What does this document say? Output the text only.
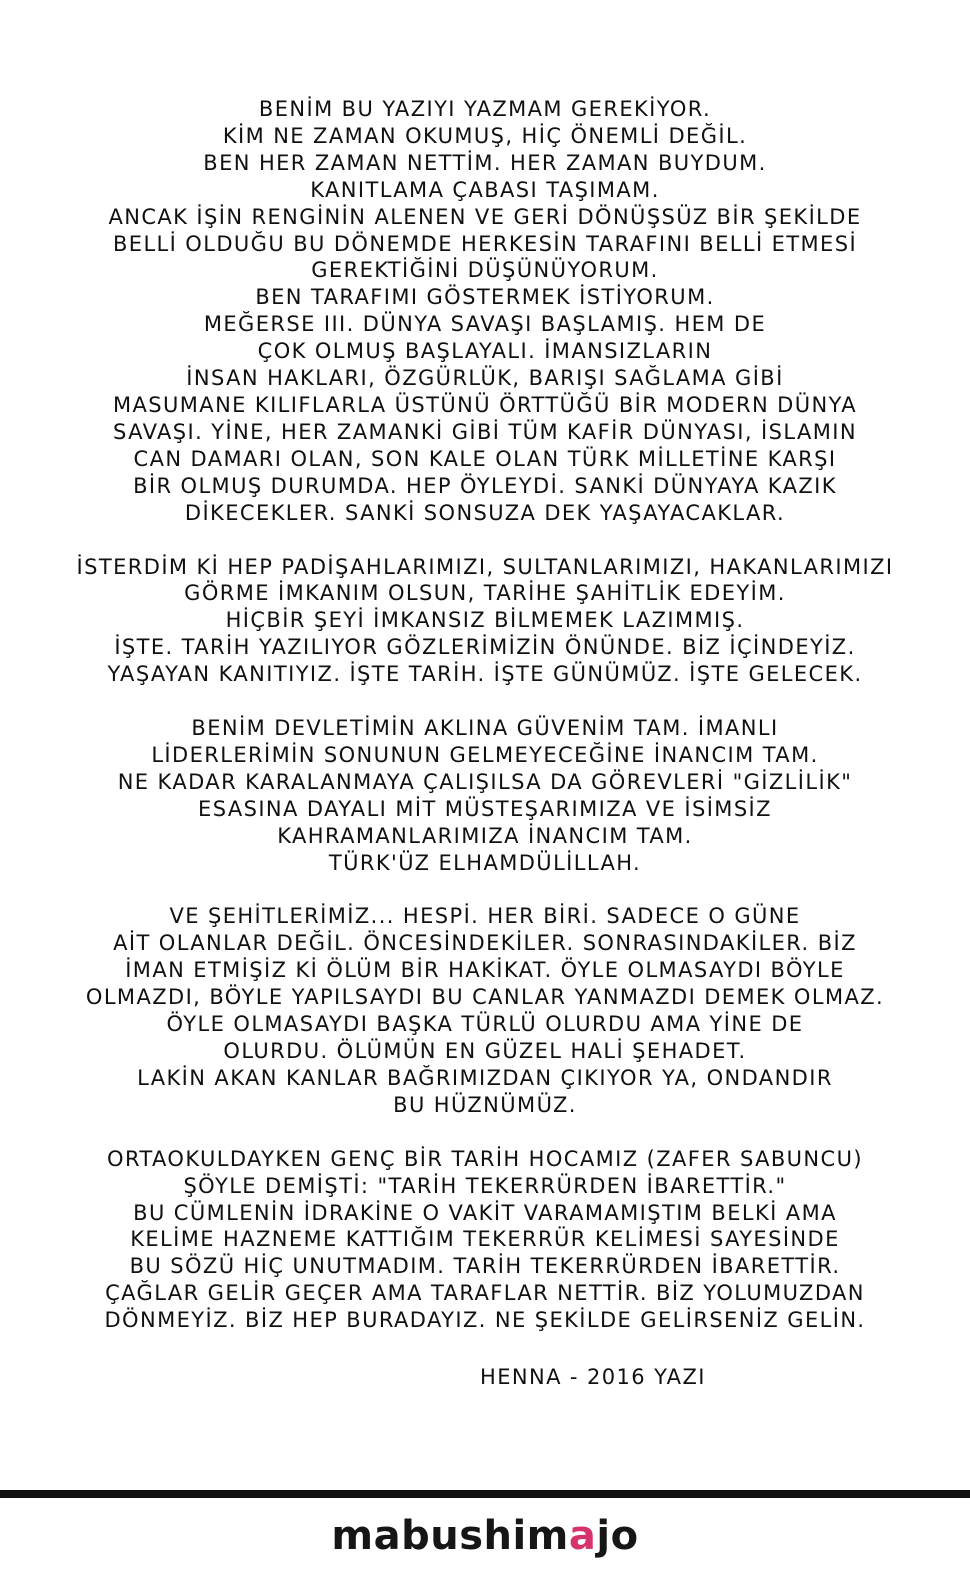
BENİM BU YAZIYI YAZMAM GEREKİYOR.
KİM NE ZAMAN OKUMUŞ, HİÇ ÖNEMLİ DEĞİL.
BEN HER ZAMAN NETTİM. HER ZAMAN BUYDUM.
KANITLAMA ÇABASI TAŞIMAM.
ANCAK İŞİN RENGİNİN ALENEN VE GERİ DÖNÜŞSÜZ BİR ŞEKİLDE
BELLİ OLDUĞU BU DÖNEMDE HERKESİN TARAFINI BELLİ ETMESİ
GEREKTİĞİNİ DÜŞÜNÜYORUM.
BEN TARAFIMI GÖSTERMEK İSTİYORUM.
MEĞERSE III. DÜNYA SAVAŞI BAŞLAMIŞ. HEM DE
ÇOK OLMUŞ BAŞLAYALI. İMANSIZLARIN
İNSAN HAKLARI, ÖZGÜRLÜK, BARIŞI SAĞLAMA GİBİ
MASUMANE KILIFLARLA ÜSTÜNÜ ÖRTTÜĞÜ BİR MODERN DÜNYA
SAVAŞI. YİNE, HER ZAMANKİ GİBİ TÜM KAFİR DÜNYASI, İSLAMIN
CAN DAMARI OLAN, SON KALE OLAN TÜRK MİLLETİNE KARŞI
BİR OLMUŞ DURUMDA. HEP ÖYLEYDİ. SANKİ DÜNYAYA KAZIK
DİKECEKLER. SANKİ SONSUZA DEK YAŞAYACAKLAR.
İSTERDİM Kİ HEP PADİŞAHLARIMIZI, SULTANLARIMIZI, HAKANLARIMIZI
GÖRME İMKANIM OLSUN, TARİHE ŞAHİTLİK EDEYİM.
HİÇBİR ŞEYİ İMKANSIZ BİLMEMEK LAZIMMIŞ.
İŞTE. TARİH YAZILIYOR GÖZLERİMİZİN ÖNÜNDE. BİZ İÇİNDEYİZ.
YAŞAYAN KANITIYIZ. İŞTE TARİH. İŞTE GÜNÜMÜZ. İŞTE GELECEK.
BENİM DEVLETİMİN AKLINA GÜVENİM TAM. İMANLI
LİDERLERİMİN SONUNUN GELMEYECEĞİNE İNANCIM TAM.
NE KADAR KARALANMAYA ÇALIŞILSA DA GÖREVLERİ "GİZLİLİK"
ESASINA DAYALI MİT MÜSTEŞARIMIZA VE İSİMSİZ
KAHRAMANLARIMIZA İNANCIM TAM.
TÜRK'ÜZ ELHAMDÜLİLLAH.
VE ŞEHİTLERİMİZ... HESPİ. HER BİRİ. SADECE O GÜNE
AİT OLANLAR DEĞİL. ÖNCESİNDEKİLER. SONRASINDAKİLER. BİZ
İMAN ETMİŞİZ Kİ ÖLÜM BİR HAKİKAT. ÖYLE OLMASAYDI BÖYLE
OLMAZDI, BÖYLE YAPILSAYDI BU CANLAR YANMAZDI DEMEK OLMAZ.
ÖYLE OLMASAYDI BAŞKA TÜRLÜ OLURDU AMA YİNE DE
OLURDU. ÖLÜMÜN EN GÜZEL HALİ ŞEHADET.
LAKİN AKAN KANLAR BAĞRIMIZDAN ÇIKIYOR YA, ONDANDIR
BU HÜZNÜMÜZ.
ORTAOKULDAYKEN GENÇ BİR TARİH HOCAMIZ (ZAFER SABUNCU)
ŞÖYLE DEMİŞTİ: "TARİH TEKERRÜRDEN İBARETTİR."
BU CÜMLENİN İDRAKİNE O VAKİT VARAMAMIŞTIM BELKİ AMA
KELİME HAZNEME KATTIĞIM TEKERRÜR KELİMESİ SAYESİNDE
BU SÖZÜ HİÇ UNUTMADIM. TARİH TEKERRÜRDEN İBARETTİR.
ÇAĞLAR GELİR GEÇER AMA TARAFLAR NETTİR. BİZ YOLUMUZDAN
DÖNMEYİZ. BİZ HEP BURADAYIZ. NE ŞEKİLDE GELİRSENİZ GELİN.
HENNA - 2016 YAZI
mabushimajo
